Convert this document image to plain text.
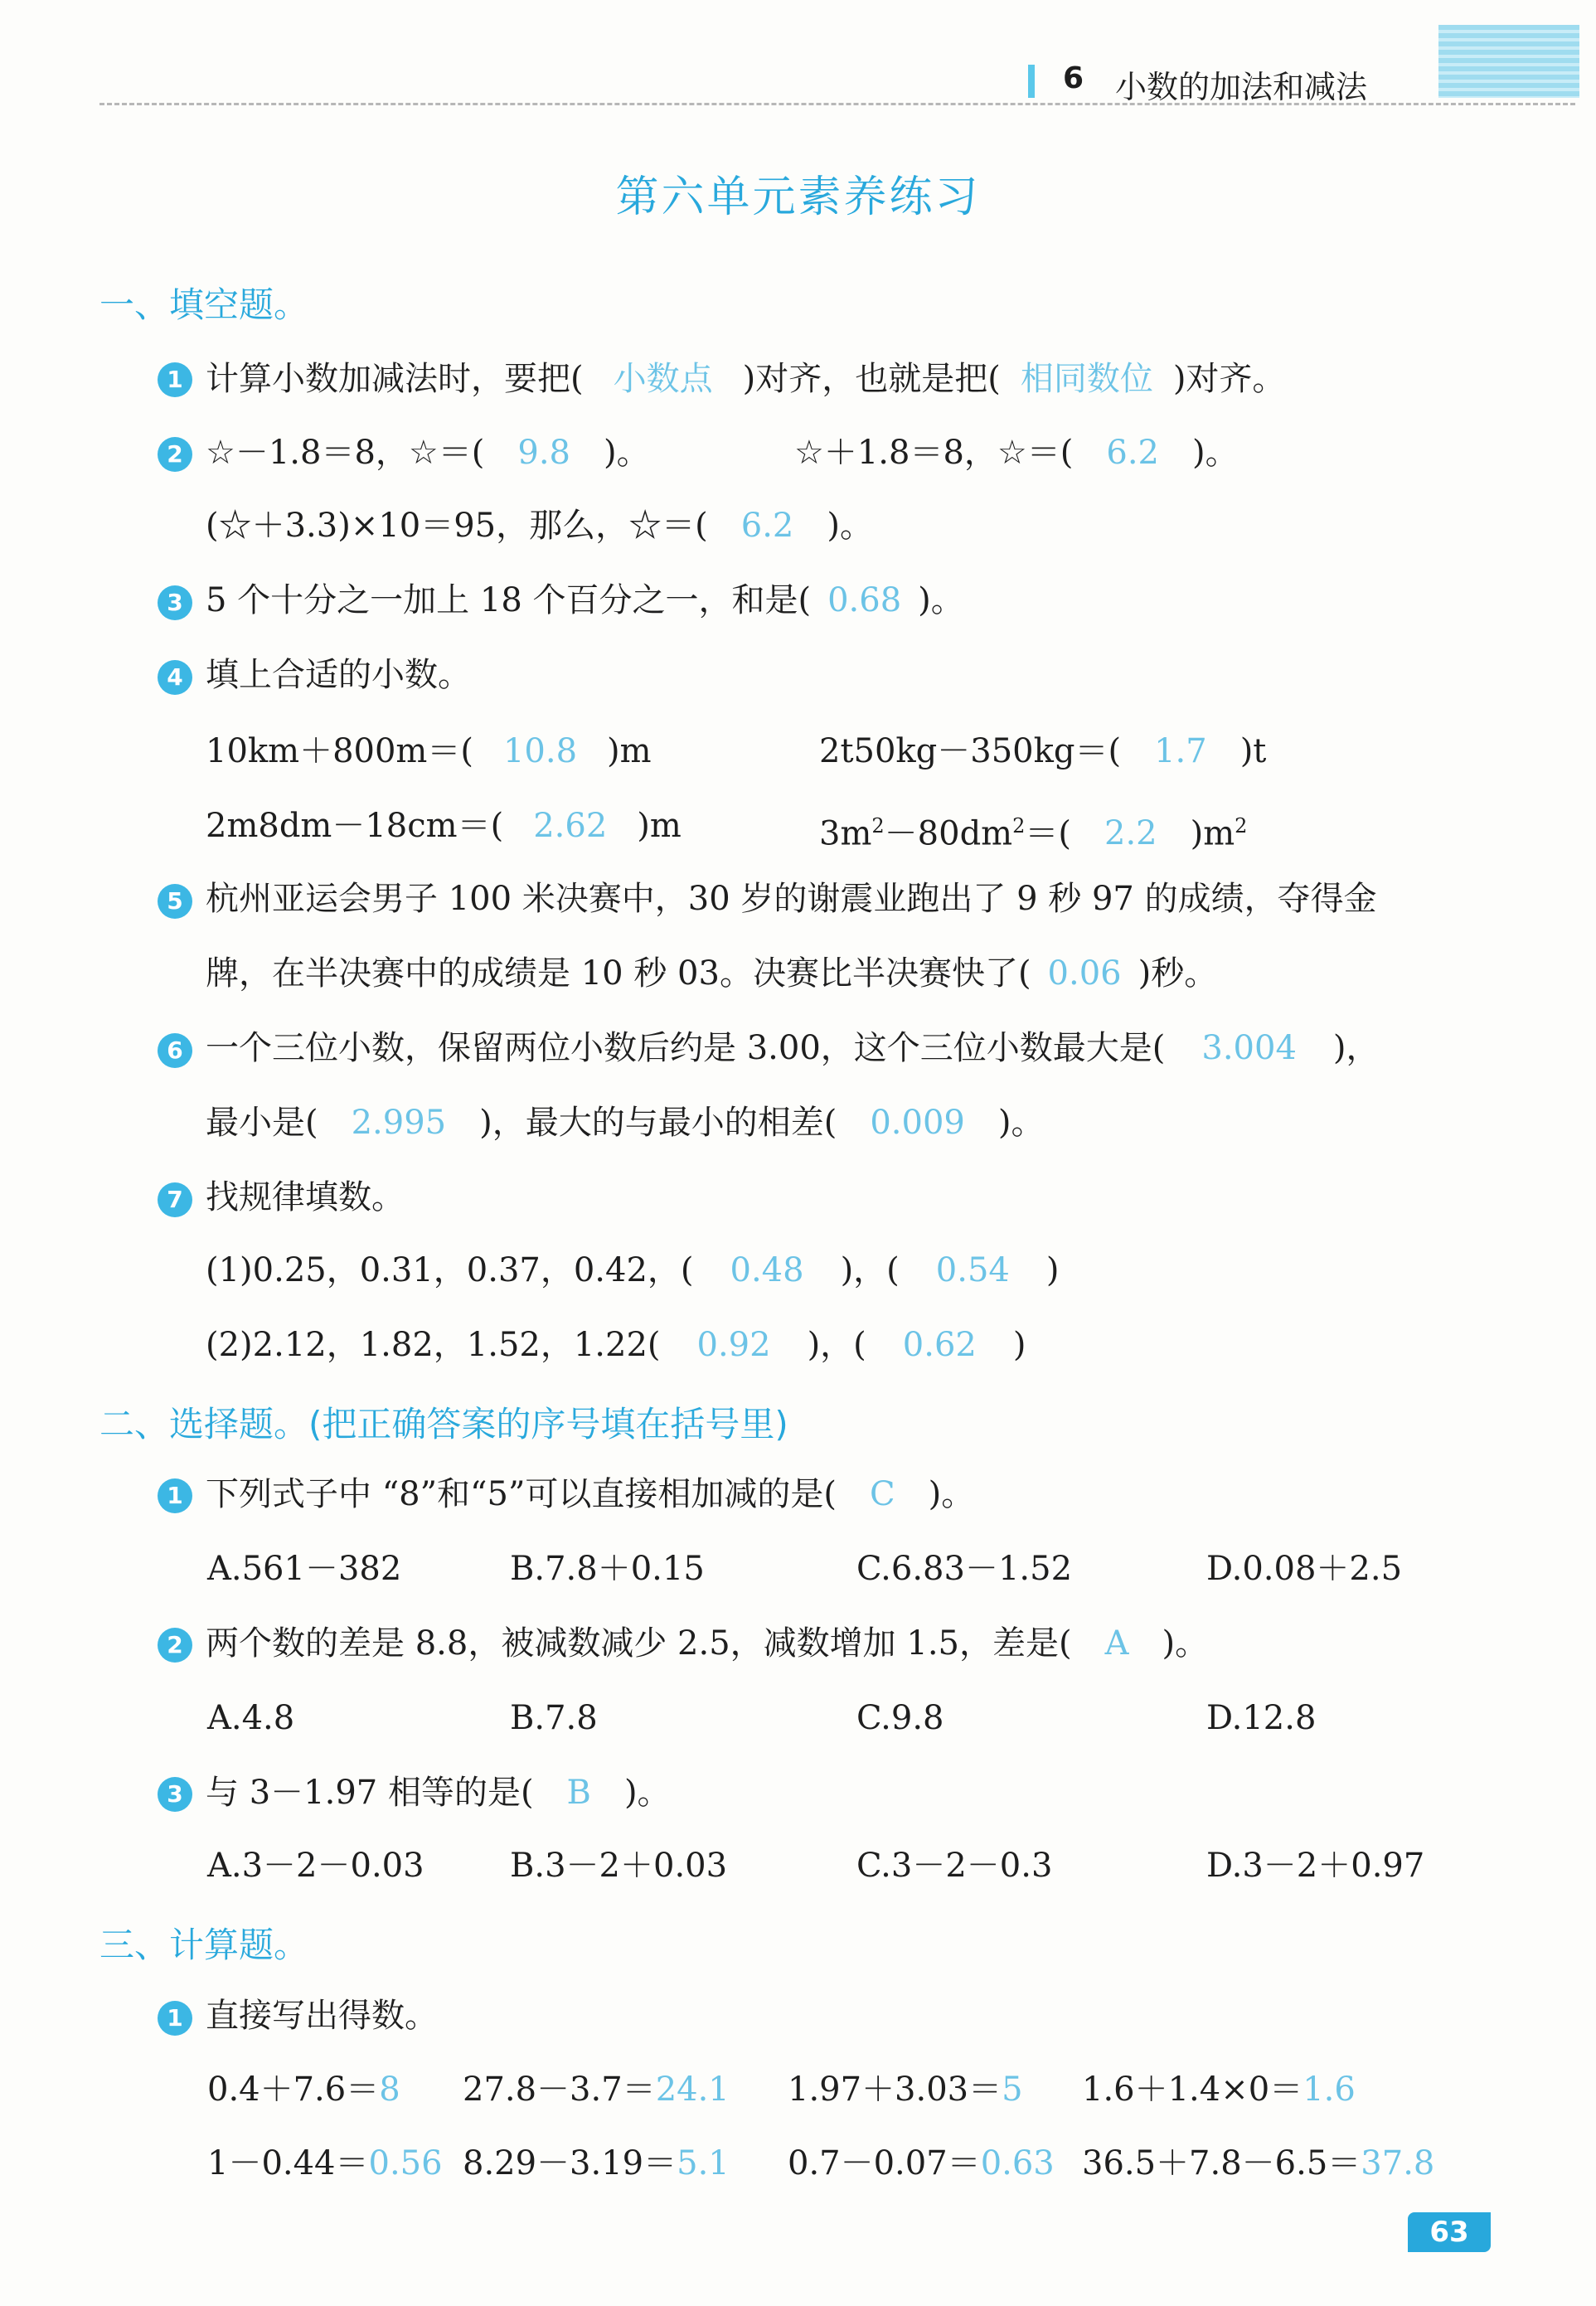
6 小数的加法和减法
第六单元素养练习
一、填空题。
1 计算小数加减法时，要把( 小数点 )对齐，也就是把( 相同数位 )对齐。
2 ☆－1.8＝8，☆＝( 9.8 )。	☆＋1.8＝8，☆＝( 6.2 )。
(☆＋3.3)×10＝95，那么，☆＝( 6.2 )。
3 5 个十分之一加上 18 个百分之一，和是( 0.68 )。
4 填上合适的小数。
10km＋800m＝( 10.8 )m	2t50kg－350kg＝( 1.7 )t
2m8dm－18cm＝( 2.62 )m	$3m^2-80dm^2=$( 2.2 )$m^2$
5 杭州亚运会男子 100 米决赛中，30 岁的谢震业跑出了 9 秒 97 的成绩，夺得金
牌，在半决赛中的成绩是 10 秒 03。决赛比半决赛快了( 0.06 )秒。
6 一个三位小数，保留两位小数后约是 3.00，这个三位小数最大是( 3.004 )，
最小是( 2.995 )，最大的与最小的相差( 0.009 )。
7 找规律填数。
(1)0.25，0.31，0.37，0.42，( 0.48 )，( 0.54 )
(2)2.12，1.82，1.52，1.22( 0.92 )，( 0.62 )
二、选择题。(把正确答案的序号填在括号里)
1 下列式子中 “8”和“5”可以直接相加减的是( C )。
A.561－382	B.7.8＋0.15	C.6.83－1.52	D.0.08＋2.5
2 两个数的差是 8.8，被减数减少 2.5，减数增加 1.5，差是( A )。
A.4.8	B.7.8	C.9.8	D.12.8
3 与 3－1.97 相等的是( B )。
A.3－2－0.03	B.3－2＋0.03	C.3－2－0.3	D.3－2＋0.97
三、计算题。
1 直接写出得数。
0.4＋7.6＝8 27.8－3.7＝24.1 1.97＋3.03＝5 1.6＋1.4×0＝1.6
1－0.44＝0.56 8.29－3.19＝5.1 0.7－0.07＝0.63 36.5＋7.8－6.5＝37.8
63
